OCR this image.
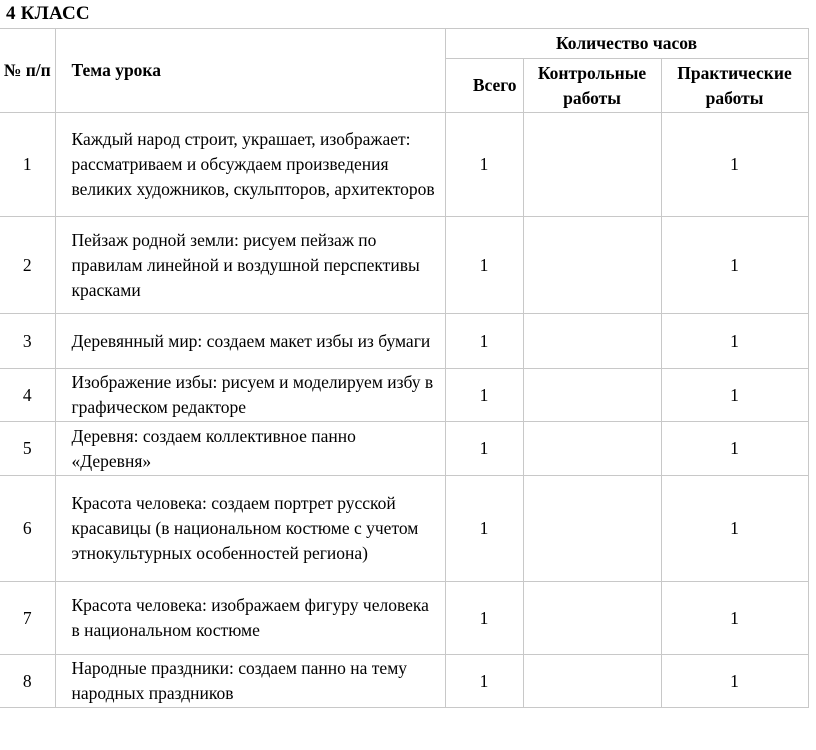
4 КЛАСС
№ п/п	Тема урока	Количество часов		
		Всего	Контрольные работы	Практические работы
1	Каждый народ строит, украшает, изображает: рассматриваем и обсуждаем произведения великих художников, скульпторов, архитекторов	1		1
2	Пейзаж родной земли: рисуем пейзаж по правилам линейной и воздушной перспективы красками	1		1
3	Деревянный мир: создаем макет избы из бумаги	1		1
4	Изображение избы: рисуем и моделируем избу в графическом редакторе	1		1
5	Деревня: создаем коллективное панно «Деревня»	1		1
6	Красота человека: создаем портрет русской красавицы (в национальном костюме с учетом этнокультурных особенностей региона)	1		1
7	Красота человека: изображаем фигуру человека в национальном костюме	1		1
8	Народные праздники: создаем панно на тему народных праздников	1		1
